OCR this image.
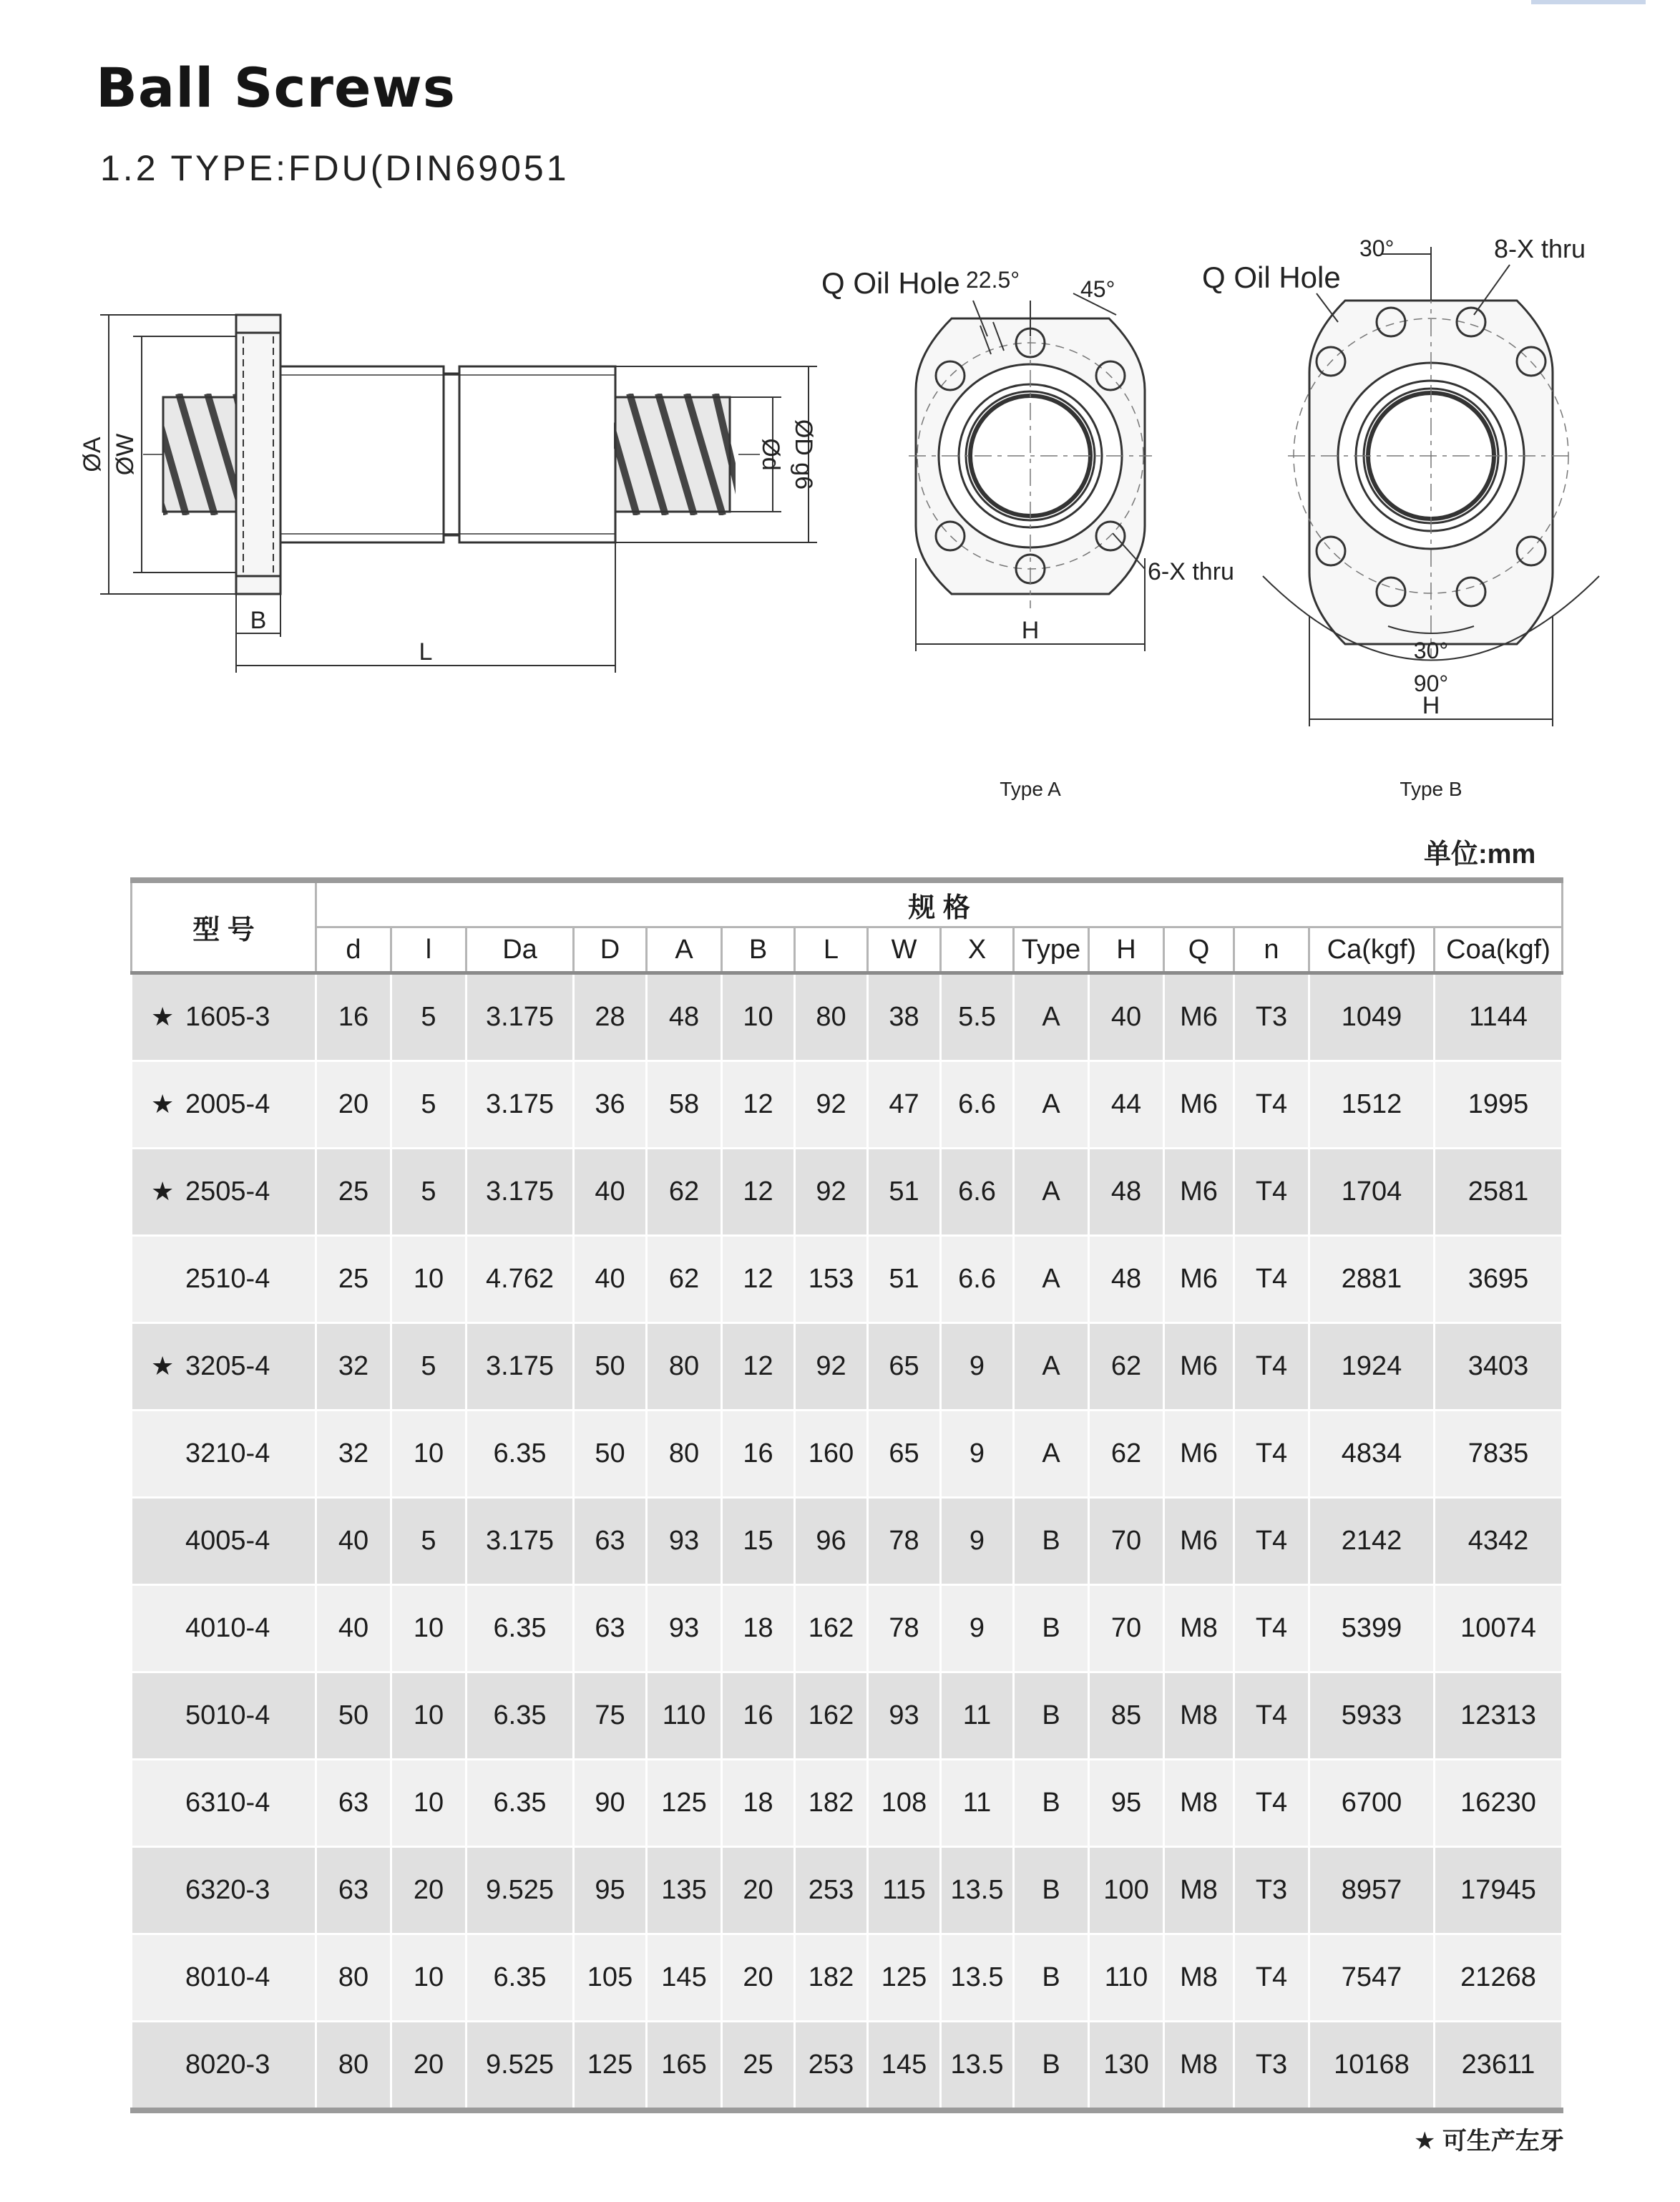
Ball Screws
1.2 TYPE:FDU(DIN69051
ØA ØW	Ød ØD g6
B
L
Q Oil Hole 22.5°	45°
6-X thru
H
Type A
Q Oil Hole
30°	8-X thru
30°
90°
H
Type B
单位:mm
型 号	规 格														
	d	l	Da	D	A	B	L	W	X	Type	H	Q	n	Ca(kgf)	Coa(kgf)
★ 1605-3	16	5	3.175	28	48	10	80	38	5.5	A	40	M6	T3	1049	1144
★ 2005-4	20	5	3.175	36	58	12	92	47	6.6	A	44	M6	T4	1512	1995
★ 2505-4	25	5	3.175	40	62	12	92	51	6.6	A	48	M6	T4	1704	2581
2510-4	25	10	4.762	40	62	12	153	51	6.6	A	48	M6	T4	2881	3695
★ 3205-4	32	5	3.175	50	80	12	92	65	9	A	62	M6	T4	1924	3403
3210-4	32	10	6.35	50	80	16	160	65	9	A	62	M6	T4	4834	7835
4005-4	40	5	3.175	63	93	15	96	78	9	B	70	M6	T4	2142	4342
4010-4	40	10	6.35	63	93	18	162	78	9	B	70	M8	T4	5399	10074
5010-4	50	10	6.35	75	110	16	162	93	11	B	85	M8	T4	5933	12313
6310-4	63	10	6.35	90	125	18	182	108	11	B	95	M8	T4	6700	16230
6320-3	63	20	9.525	95	135	20	253	115	13.5	B	100	M8	T3	8957	17945
8010-4	80	10	6.35	105	145	20	182	125	13.5	B	110	M8	T4	7547	21268
8020-3	80	20	9.525	125	165	25	253	145	13.5	B	130	M8	T3	10168	23611
★ 可生产左牙
